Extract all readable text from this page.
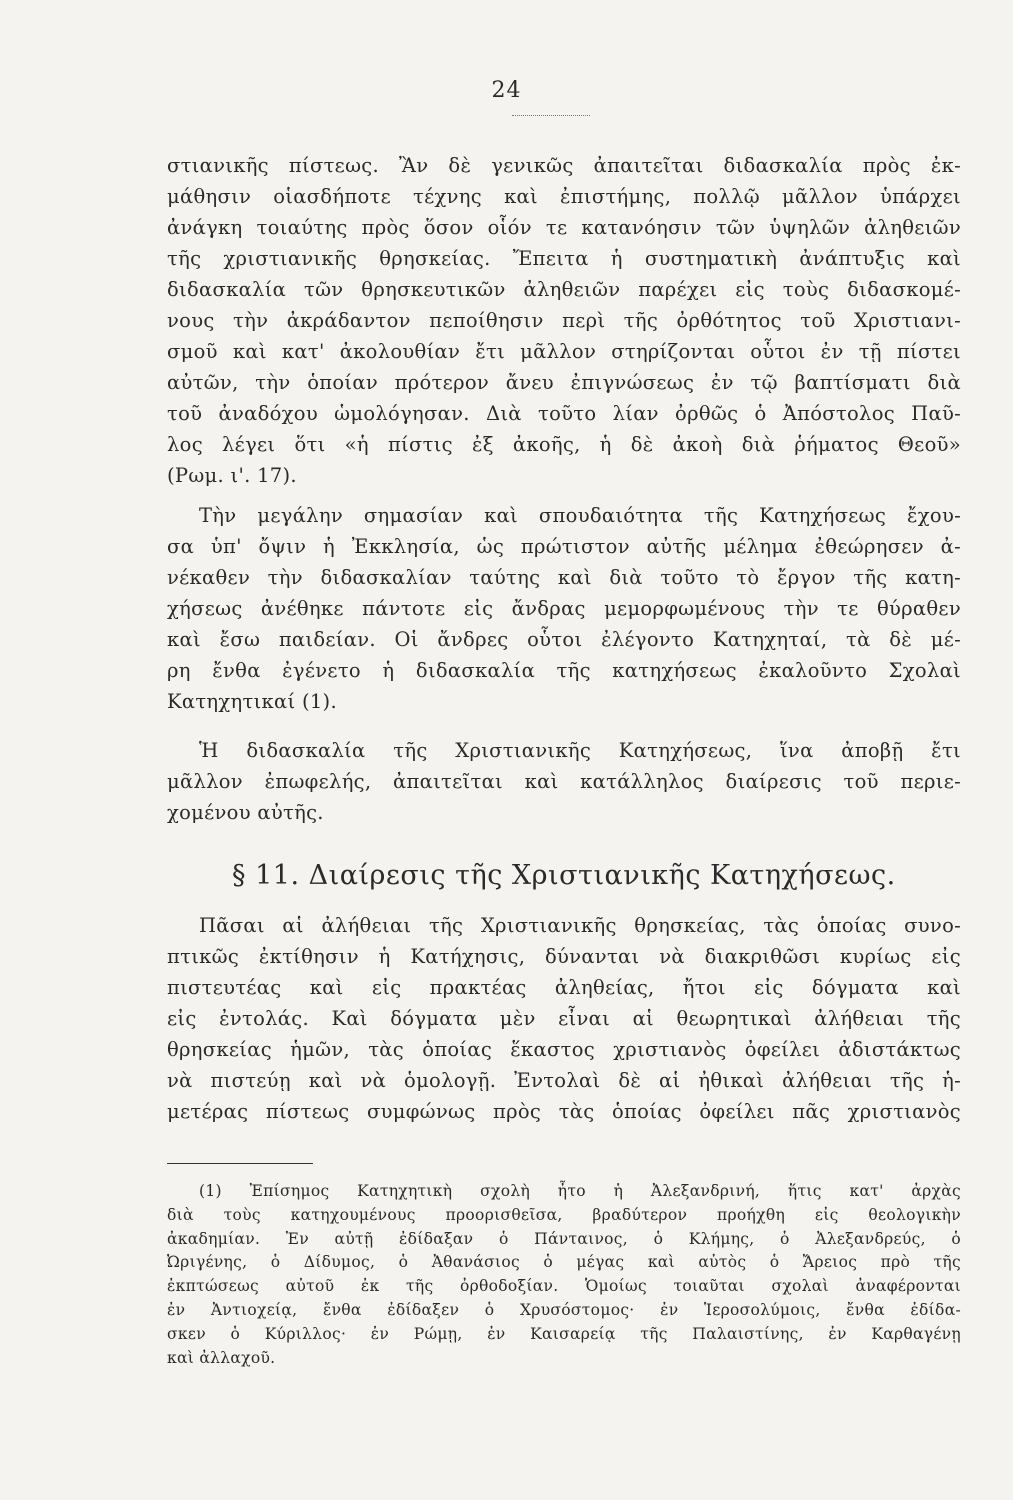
24
στιανικῆς πίστεως. Ἂν δὲ γενικῶς ἀπαιτεῖται διδασκαλία πρὸς ἐκ-
μάθησιν οἱασδήποτε τέχνης καὶ ἐπιστήμης, πολλῷ μᾶλλον ὑπάρχει
ἀνάγκη τοιαύτης πρὸς ὅσον οἷόν τε κατανόησιν τῶν ὑψηλῶν ἀληθειῶν
τῆς χριστιανικῆς θρησκείας. Ἔπειτα ἡ συστηματικὴ ἀνάπτυξις καὶ
διδασκαλία τῶν θρησκευτικῶν ἀληθειῶν παρέχει εἰς τοὺς διδασκομέ-
νους τὴν ἀκράδαντον πεποίθησιν περὶ τῆς ὀρθότητος τοῦ Χριστιανι-
σμοῦ καὶ κατ' ἀκολουθίαν ἔτι μᾶλλον στηρίζονται οὗτοι ἐν τῇ πίστει
αὐτῶν, τὴν ὁποίαν πρότερον ἄνευ ἐπιγνώσεως ἐν τῷ βαπτίσματι διὰ
τοῦ ἀναδόχου ὡμολόγησαν. Διὰ τοῦτο λίαν ὀρθῶς ὁ Ἀπόστολος Παῦ-
λος λέγει ὅτι «ἡ πίστις ἐξ ἀκοῆς, ἡ δὲ ἀκοὴ διὰ ῥήματος Θεοῦ»
(Ρωμ. ι'. 17).
Τὴν μεγάλην σημασίαν καὶ σπουδαιότητα τῆς Κατηχήσεως ἔχου-
σα ὑπ' ὄψιν ἡ Ἐκκλησία, ὡς πρώτιστον αὐτῆς μέλημα ἐθεώρησεν ἀ-
νέκαθεν τὴν διδασκαλίαν ταύτης καὶ διὰ τοῦτο τὸ ἔργον τῆς κατη-
χήσεως ἀνέθηκε πάντοτε εἰς ἄνδρας μεμορφωμένους τὴν τε θύραθεν
καὶ ἔσω παιδείαν. Οἱ ἄνδρες οὗτοι ἐλέγοντο Κατηχηταί, τὰ δὲ μέ-
ρη ἔνθα ἐγένετο ἡ διδασκαλία τῆς κατηχήσεως ἐκαλοῦντο Σχολαὶ
Κατηχητικαί (1).
Ἡ διδασκαλία τῆς Χριστιανικῆς Κατηχήσεως, ἵνα ἀποβῇ ἔτι
μᾶλλον ἐπωφελής, ἀπαιτεῖται καὶ κατάλληλος διαίρεσις τοῦ περιε-
χομένου αὐτῆς.
§ 11. Διαίρεσις τῆς Χριστιανικῆς Κατηχήσεως.
Πᾶσαι αἱ ἀλήθειαι τῆς Χριστιανικῆς θρησκείας, τὰς ὁποίας συνο-
πτικῶς ἐκτίθησιν ἡ Κατήχησις, δύνανται νὰ διακριθῶσι κυρίως εἰς
πιστευτέας καὶ εἰς πρακτέας ἀληθείας, ἤτοι εἰς δόγματα καὶ
εἰς ἐντολάς. Καὶ δόγματα μὲν εἶναι αἱ θεωρητικαὶ ἀλήθειαι τῆς
θρησκείας ἡμῶν, τὰς ὁποίας ἕκαστος χριστιανὸς ὀφείλει ἀδιστάκτως
νὰ πιστεύῃ καὶ νὰ ὁμολογῇ. Ἐντολαὶ δὲ αἱ ἠθικαὶ ἀλήθειαι τῆς ἡ-
μετέρας πίστεως συμφώνως πρὸς τὰς ὁποίας ὀφείλει πᾶς χριστιανὸς
(1) Ἐπίσημος Κατηχητικὴ σχολὴ ἦτο ἡ Ἀλεξανδρινή, ἥτις κατ' ἀρχὰς
διὰ τοὺς κατηχουμένους προορισθεῖσα, βραδύτερον προήχθη εἰς θεολογικὴν
ἀκαδημίαν. Ἐν αὐτῇ ἐδίδαξαν ὁ Πάνταινος, ὁ Κλήμης, ὁ Ἀλεξανδρεύς, ὁ
Ὠριγένης, ὁ Δίδυμος, ὁ Ἀθανάσιος ὁ μέγας καὶ αὐτὸς ὁ Ἄρειος πρὸ τῆς
ἐκπτώσεως αὐτοῦ ἐκ τῆς ὀρθοδοξίαν. Ὁμοίως τοιαῦται σχολαὶ ἀναφέρονται
ἐν Ἀντιοχείᾳ, ἔνθα ἐδίδαξεν ὁ Χρυσόστομος· ἐν Ἱεροσολύμοις, ἔνθα ἐδίδα-
σκεν ὁ Κύριλλος· ἐν Ρώμῃ, ἐν Καισαρείᾳ τῆς Παλαιστίνης, ἐν Καρθαγένῃ
καὶ ἀλλαχοῦ.
